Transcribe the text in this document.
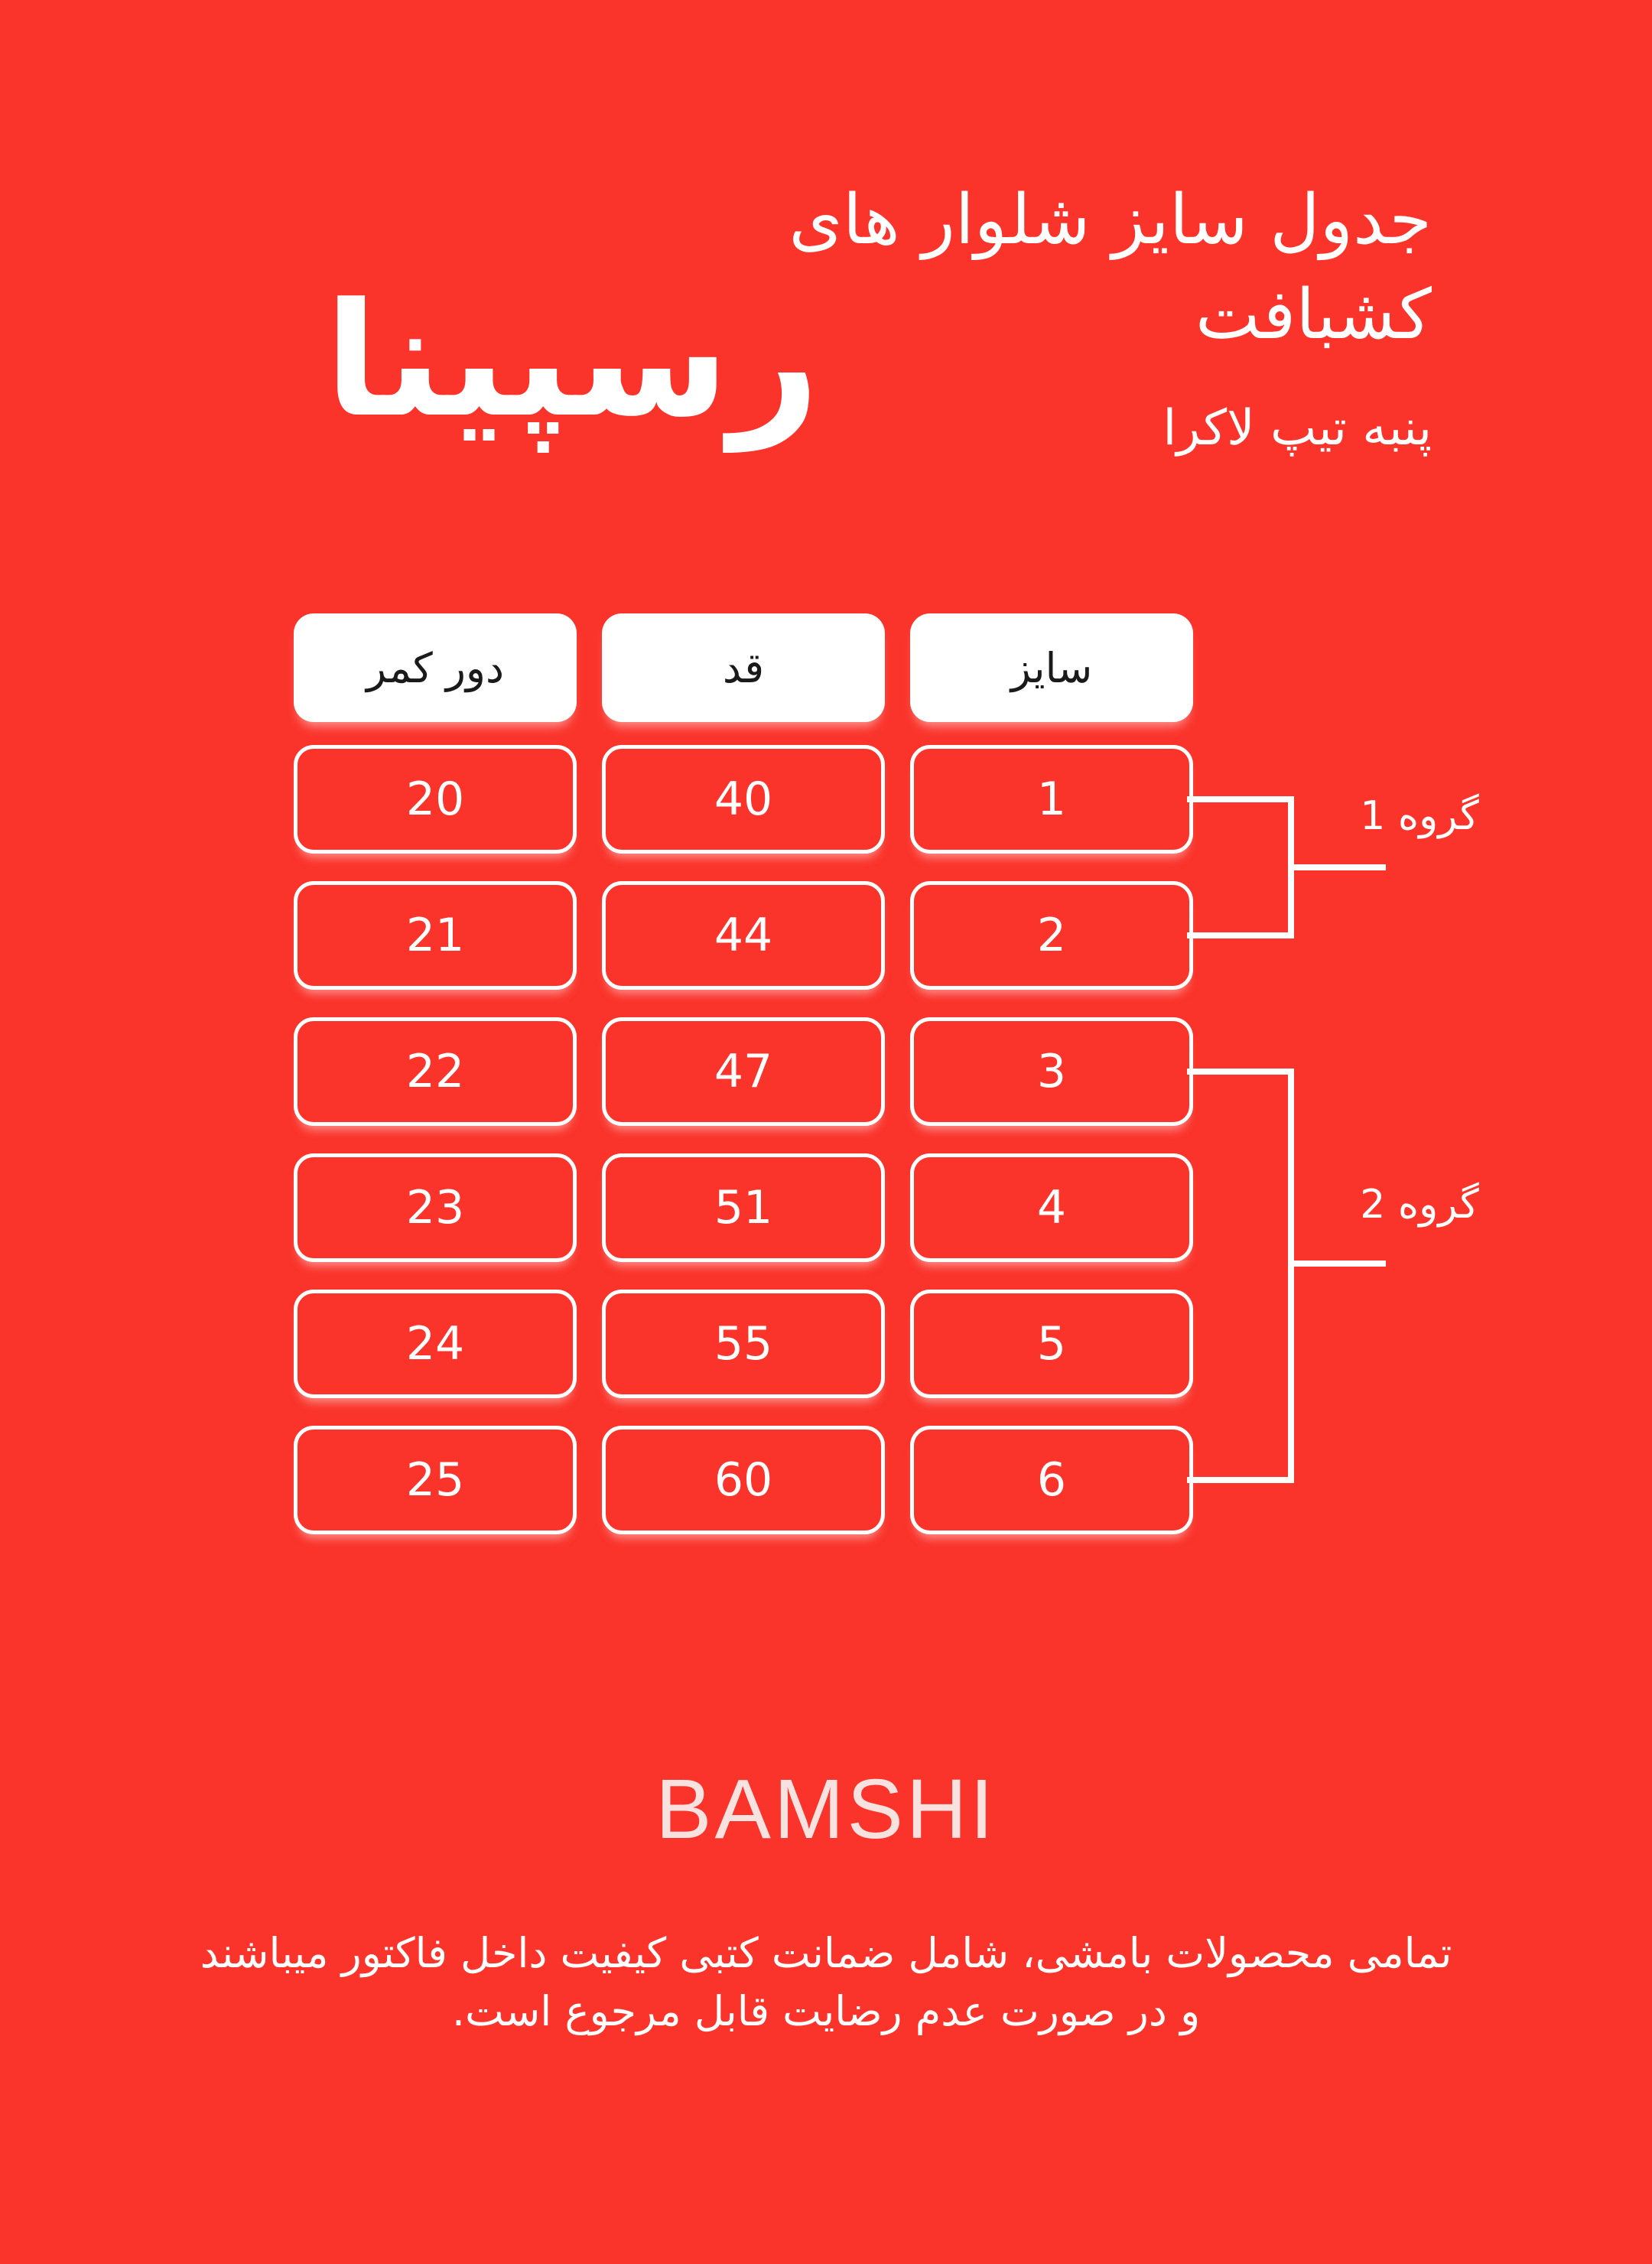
جدول سایز شلوار های
کشبافت
پنبه تیپ لاکرا
رسپینا
دور کمر
20
21
22
23
24
25
قد
40
44
47
51
55
60
سایز
1
2
3
4
5
6
گروه 1
گروه 2
BAMSHI
تمامی محصولات بامشی، شامل ضمانت کتبی کیفیت داخل فاکتور میباشند
و در صورت عدم رضایت قابل مرجوع است.
